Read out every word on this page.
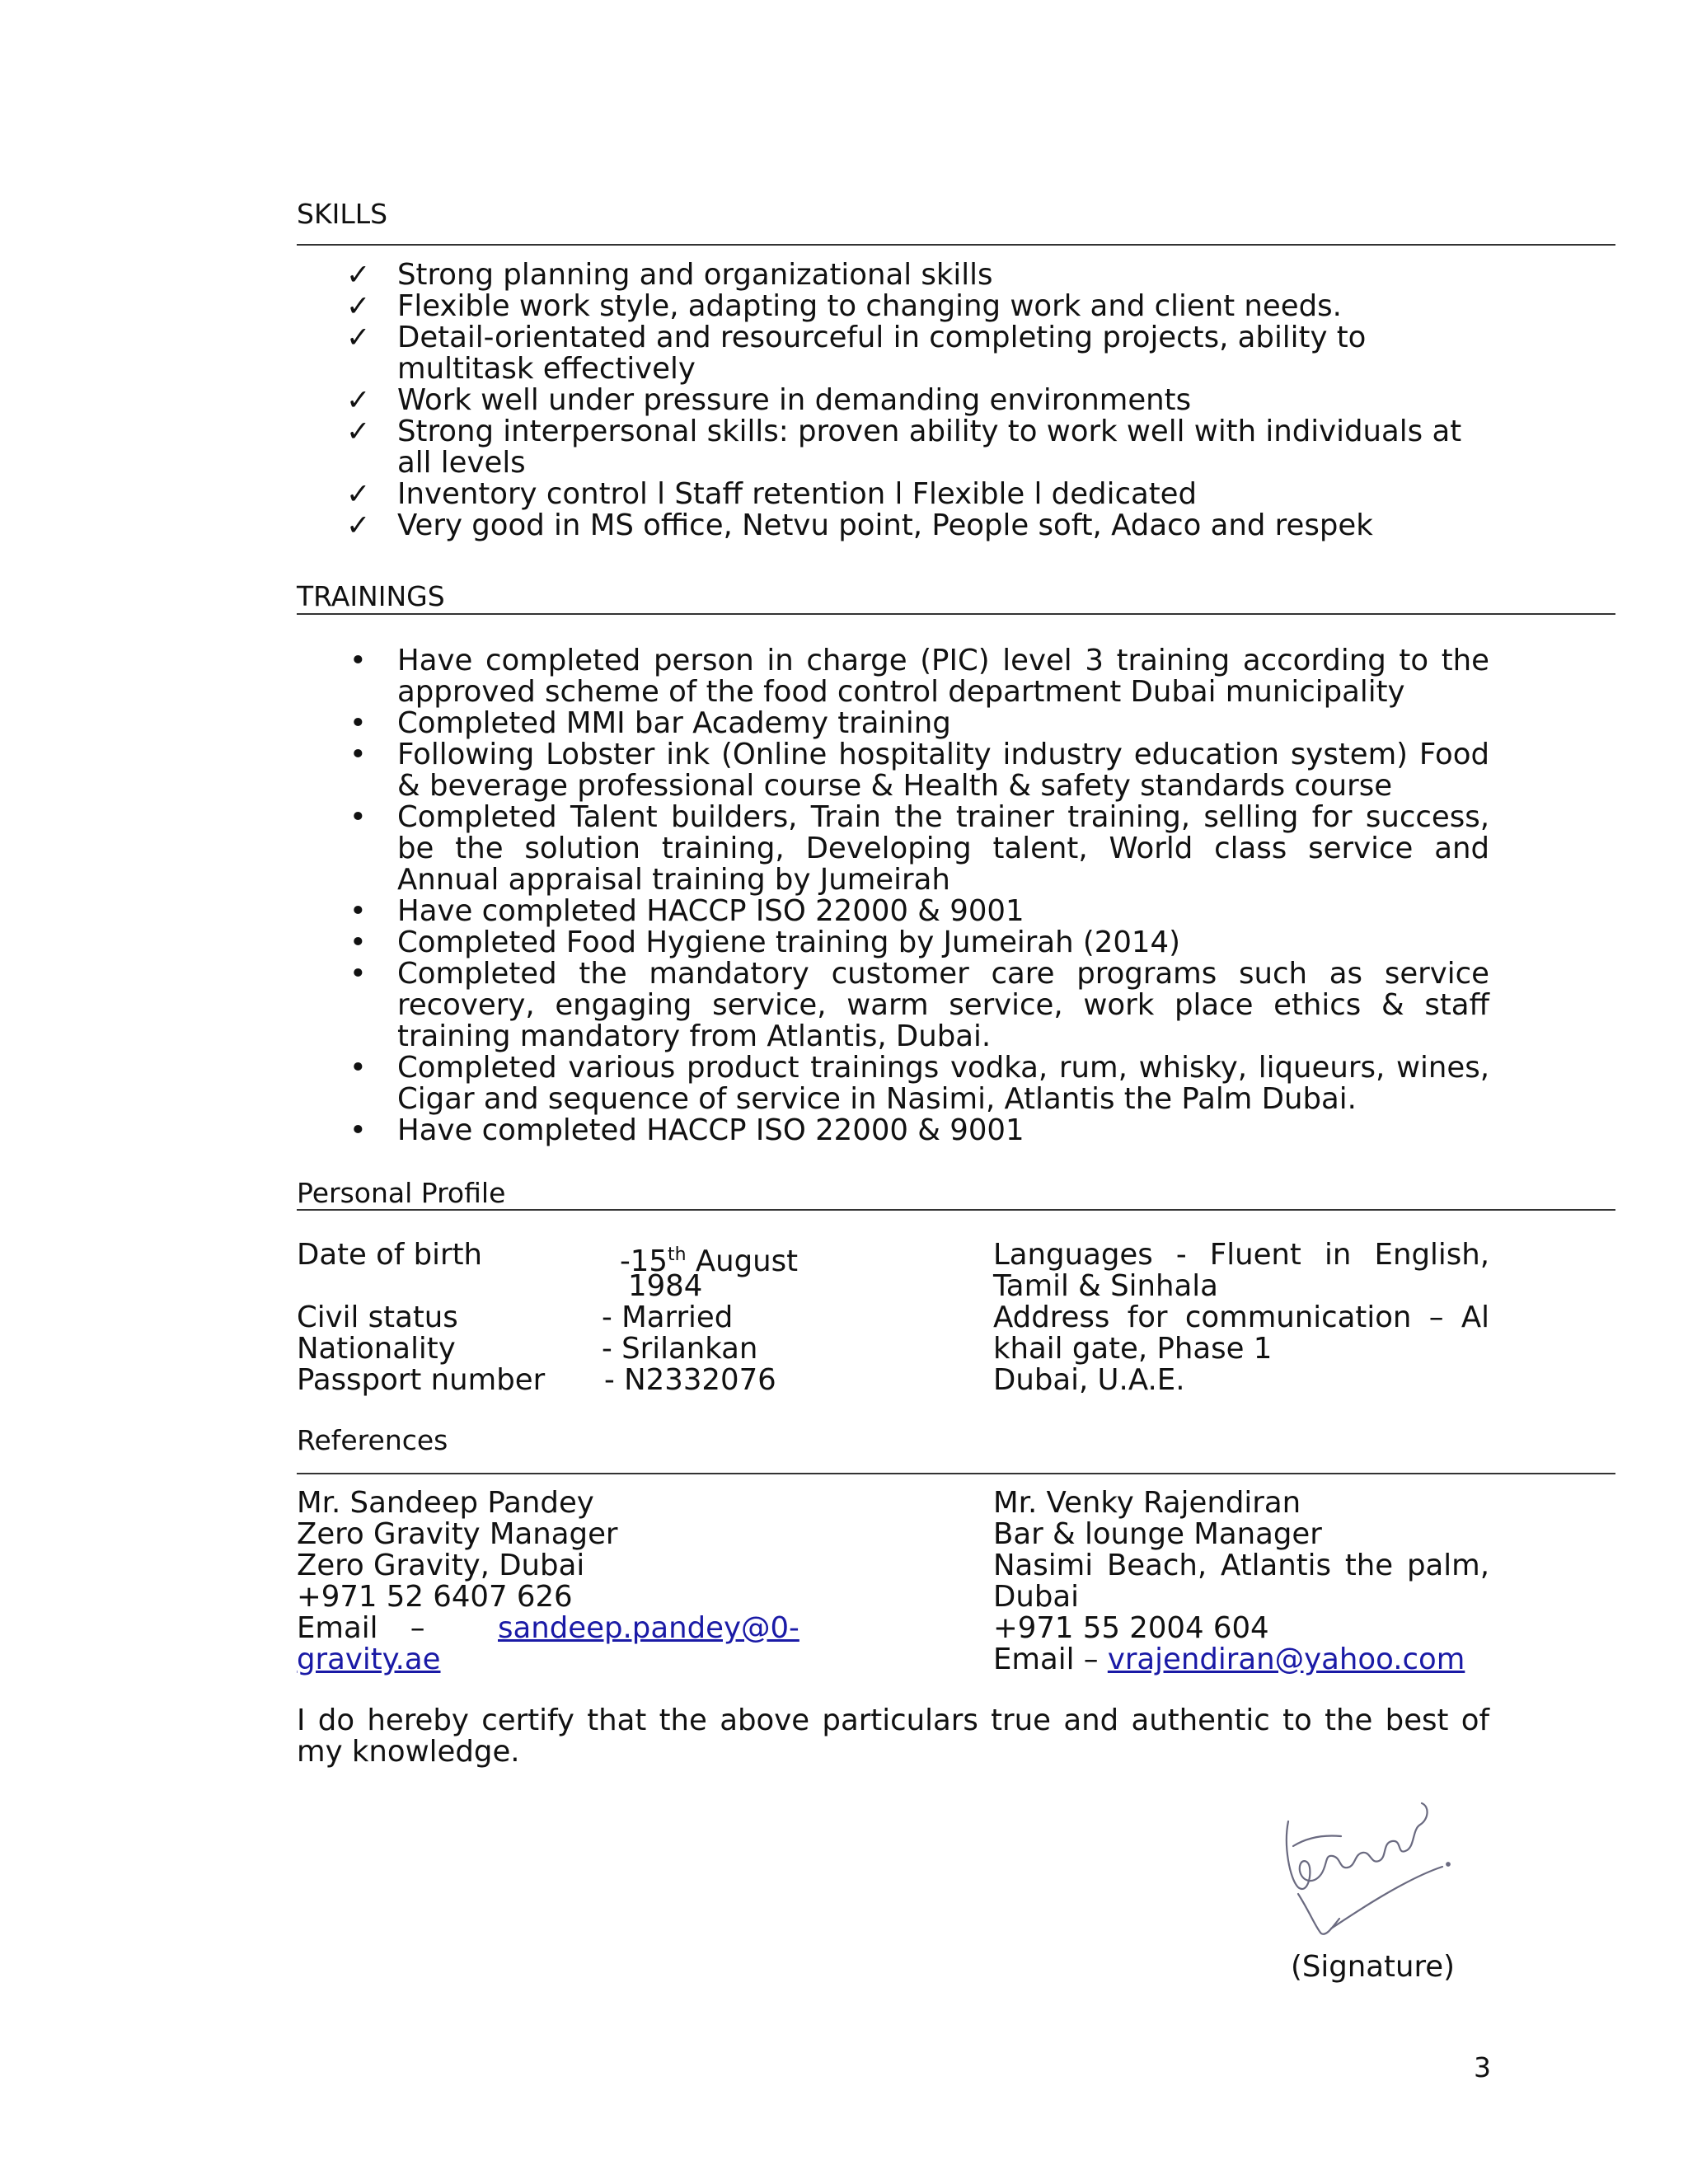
SKILLS
✓ Strong planning and organizational skills
✓ Flexible work style, adapting to changing work and client needs.
✓ Detail-orientated and resourceful in completing projects, ability to multitask effectively
✓ Work well under pressure in demanding environments
✓ Strong interpersonal skills: proven ability to work well with individuals at all levels
✓ Inventory control l Staff retention l Flexible l dedicated
✓ Very good in MS office, Netvu point, People soft, Adaco and respek
TRAININGS
• Have completed person in charge (PIC) level 3 training according to the approved scheme of the food control department Dubai municipality
• Completed MMI bar Academy training
• Following Lobster ink (Online hospitality industry education system) Food & beverage professional course & Health & safety standards course
• Completed Talent builders, Train the trainer training, selling for success, be the solution training, Developing talent, World class service and Annual appraisal training by Jumeirah
• Have completed HACCP ISO 22000 & 9001
• Completed Food Hygiene training by Jumeirah (2014)
• Completed the mandatory customer care programs such as service recovery, engaging service, warm service, work place ethics & staff training mandatory from Atlantis, Dubai.
• Completed various product trainings vodka, rum, whisky, liqueurs, wines, Cigar and sequence of service in Nasimi, Atlantis the Palm Dubai.
• Have completed HACCP ISO 22000 & 9001
Personal Profile
Date of birth	-15th August
1984
Civil status	- Married
Nationality	- Srilankan
Passport number - N2332076
Languages - Fluent in English, Tamil & Sinhala
Address for communication – Al khail gate, Phase 1
Dubai, U.A.E.
References
Mr. Sandeep Pandey
Zero Gravity Manager
Zero Gravity, Dubai
+971 52 6407 626
Email – sandeep.pandey@0-
gravity.ae
Mr. Venky Rajendiran
Bar & lounge Manager
Nasimi Beach, Atlantis the palm, Dubai
+971 55 2004 604
Email – vrajendiran@yahoo.com
I do hereby certify that the above particulars true and authentic to the best of my knowledge.
(Signature)
3
